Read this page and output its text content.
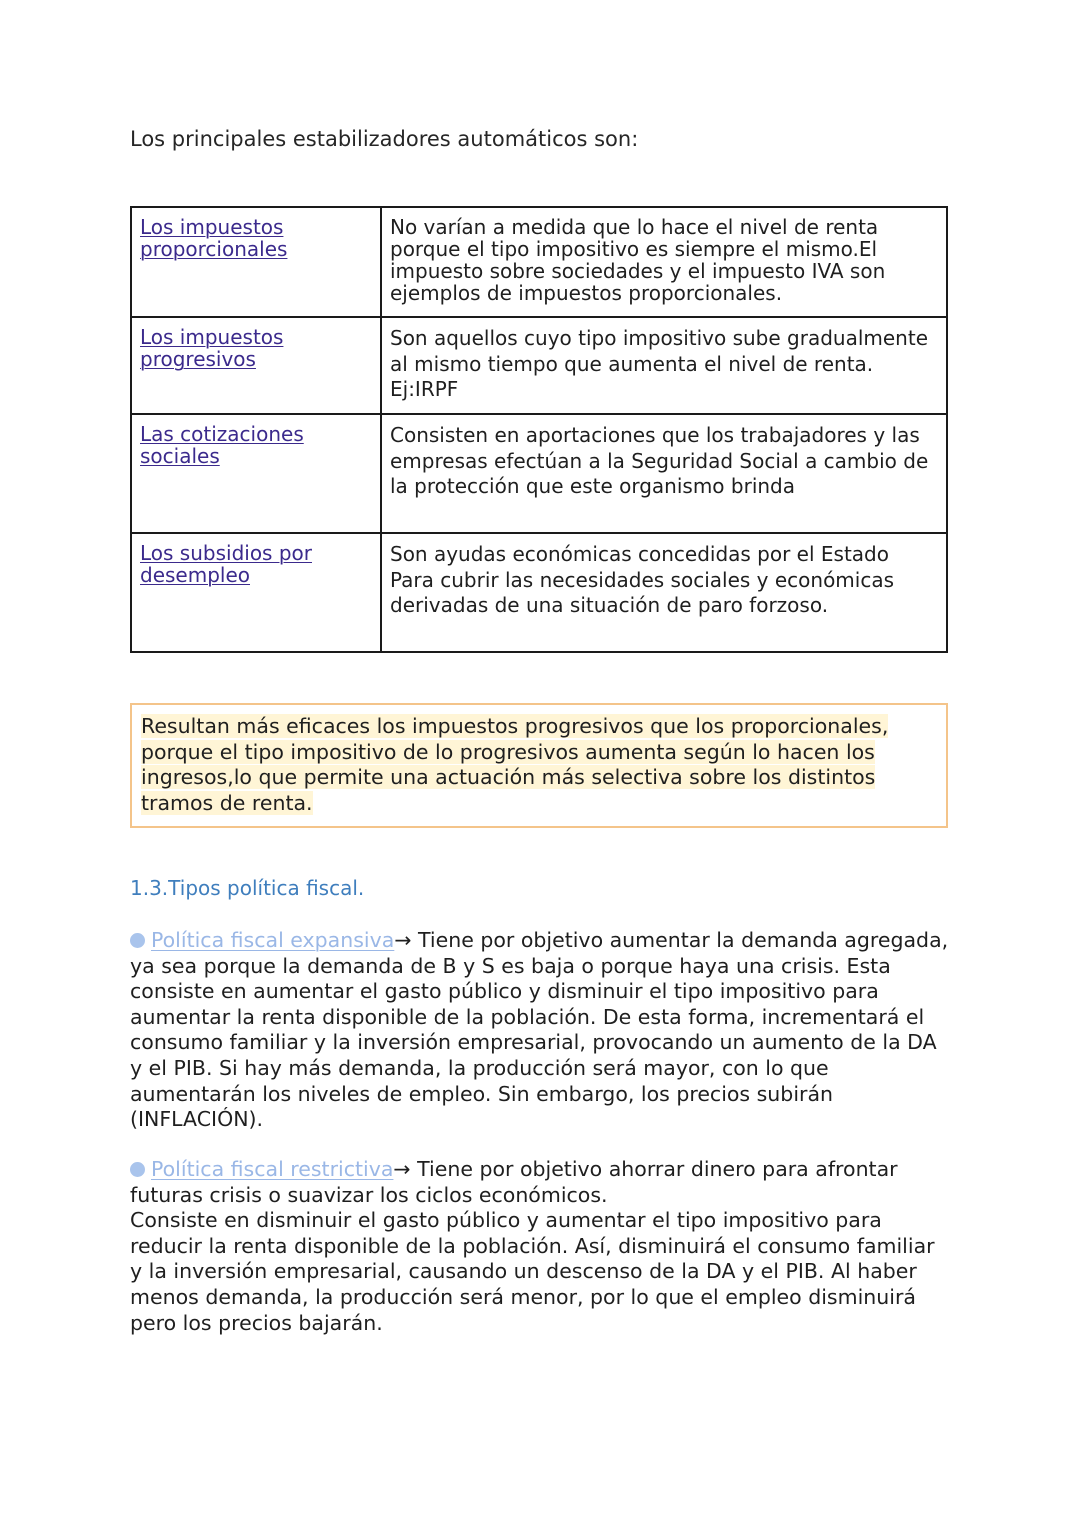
Los principales estabilizadores automáticos son:

Los impuestos proporcionales	No varían a medida que lo hace el nivel de renta porque el tipo impositivo es siempre el mismo.El impuesto sobre sociedades y el impuesto IVA son ejemplos de impuestos proporcionales.
Los impuestos progresivos	Son aquellos cuyo tipo impositivo sube gradualmente al mismo tiempo que aumenta el nivel de renta. Ej:IRPF
Las cotizaciones sociales	Consisten en aportaciones que los trabajadores y las empresas efectúan a la Seguridad Social a cambio de la protección que este organismo brinda
Los subsidios por desempleo	Son ayudas económicas concedidas por el Estado Para cubrir las necesidades sociales y económicas derivadas de una situación de paro forzoso.
Resultan más eficaces los impuestos progresivos que los proporcionales, porque el tipo impositivo de lo progresivos aumenta según lo hacen los ingresos,lo que permite una actuación más selectiva sobre los distintos tramos de renta.
1.3.Tipos política fiscal.

Política fiscal expansiva→ Tiene por objetivo aumentar la demanda agregada, ya sea porque la demanda de B y S es baja o porque haya una crisis. Esta consiste en aumentar el gasto público y disminuir el tipo impositivo para aumentar la renta disponible de la población. De esta forma, incrementará el consumo familiar y la inversión empresarial, provocando un aumento de la DA y el PIB. Si hay más demanda, la producción será mayor, con lo que aumentarán los niveles de empleo. Sin embargo, los precios subirán (INFLACIÓN).

Política fiscal restrictiva→ Tiene por objetivo ahorrar dinero para afrontar futuras crisis o suavizar los ciclos económicos.
Consiste en disminuir el gasto público y aumentar el tipo impositivo para reducir la renta disponible de la población. Así, disminuirá el consumo familiar y la inversión empresarial, causando un descenso de la DA y el PIB. Al haber menos demanda, la producción será menor, por lo que el empleo disminuirá pero los precios bajarán.
